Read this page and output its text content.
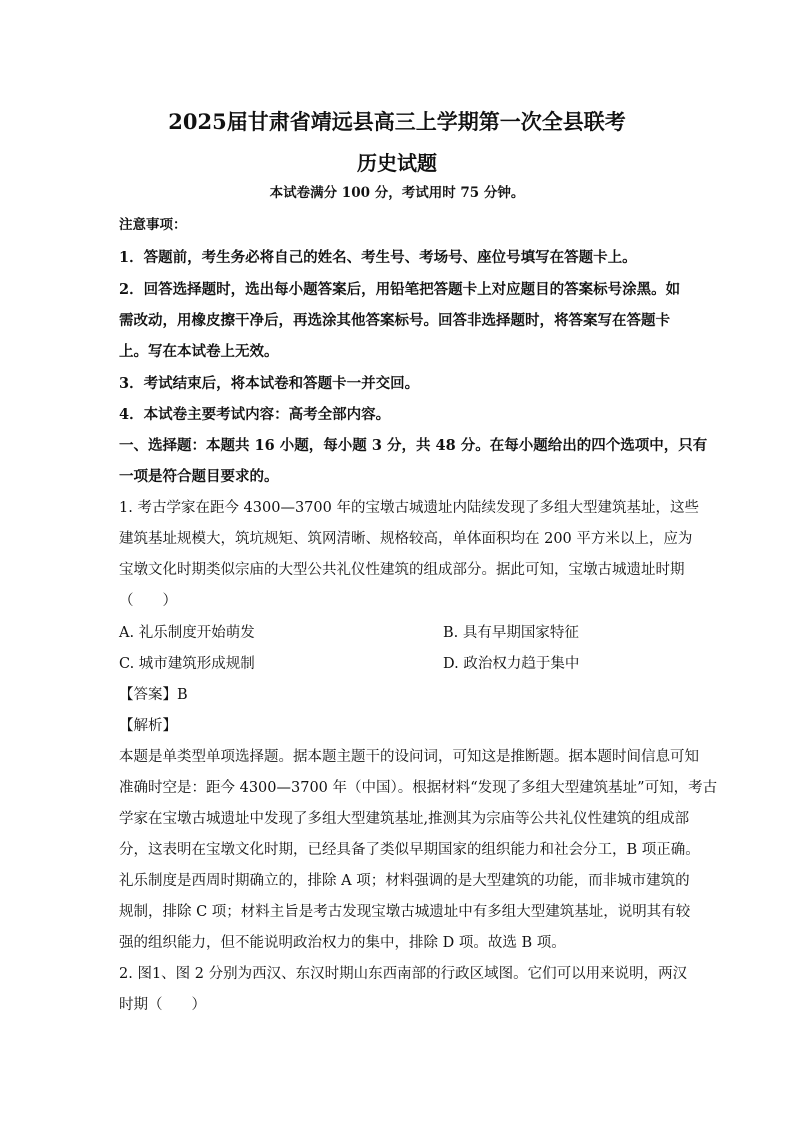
2025届甘肃省靖远县高三上学期第一次全县联考
历史试题
本试卷满分 100 分，考试用时 75 分钟。
注意事项：
1．答题前，考生务必将自己的姓名、考生号、考场号、座位号填写在答题卡上。
2．回答选择题时，选出每小题答案后，用铅笔把答题卡上对应题目的答案标号涂黑。如
需改动，用橡皮擦干净后，再选涂其他答案标号。回答非选择题时，将答案写在答题卡
上。写在本试卷上无效。
3．考试结束后，将本试卷和答题卡一并交回。
4．本试卷主要考试内容：高考全部内容。
一、选择题：本题共 16 小题，每小题 3 分，共 48 分。在每小题给出的四个选项中，只有
一项是符合题目要求的。
1. 考古学家在距今 4300—3700 年的宝墩古城遗址内陆续发现了多组大型建筑基址，这些
建筑基址规模大，筑坑规矩、筑网清晰、规格较高，单体面积均在 200 平方米以上，应为
宝墩文化时期类似宗庙的大型公共礼仪性建筑的组成部分。据此可知，宝墩古城遗址时期
（　　）
A. 礼乐制度开始萌发	B. 具有早期国家特征
C. 城市建筑形成规制	D. 政治权力趋于集中
【答案】B
【解析】
本题是单类型单项选择题。据本题主题干的设问词，可知这是推断题。据本题时间信息可知
准确时空是：距今 4300—3700 年（中国）。根据材料“发现了多组大型建筑基址”可知，考古
学家在宝墩古城遗址中发现了多组大型建筑基址,推测其为宗庙等公共礼仪性建筑的组成部
分，这表明在宝墩文化时期，已经具备了类似早期国家的组织能力和社会分工，B 项正确。
礼乐制度是西周时期确立的，排除 A 项；材料强调的是大型建筑的功能，而非城市建筑的
规制，排除 C 项；材料主旨是考古发现宝墩古城遗址中有多组大型建筑基址，说明其有较
强的组织能力，但不能说明政治权力的集中，排除 D 项。故选 B 项。
2. 图1、图 2 分别为西汉、东汉时期山东西南部的行政区域图。它们可以用来说明，两汉
时期（　　）
